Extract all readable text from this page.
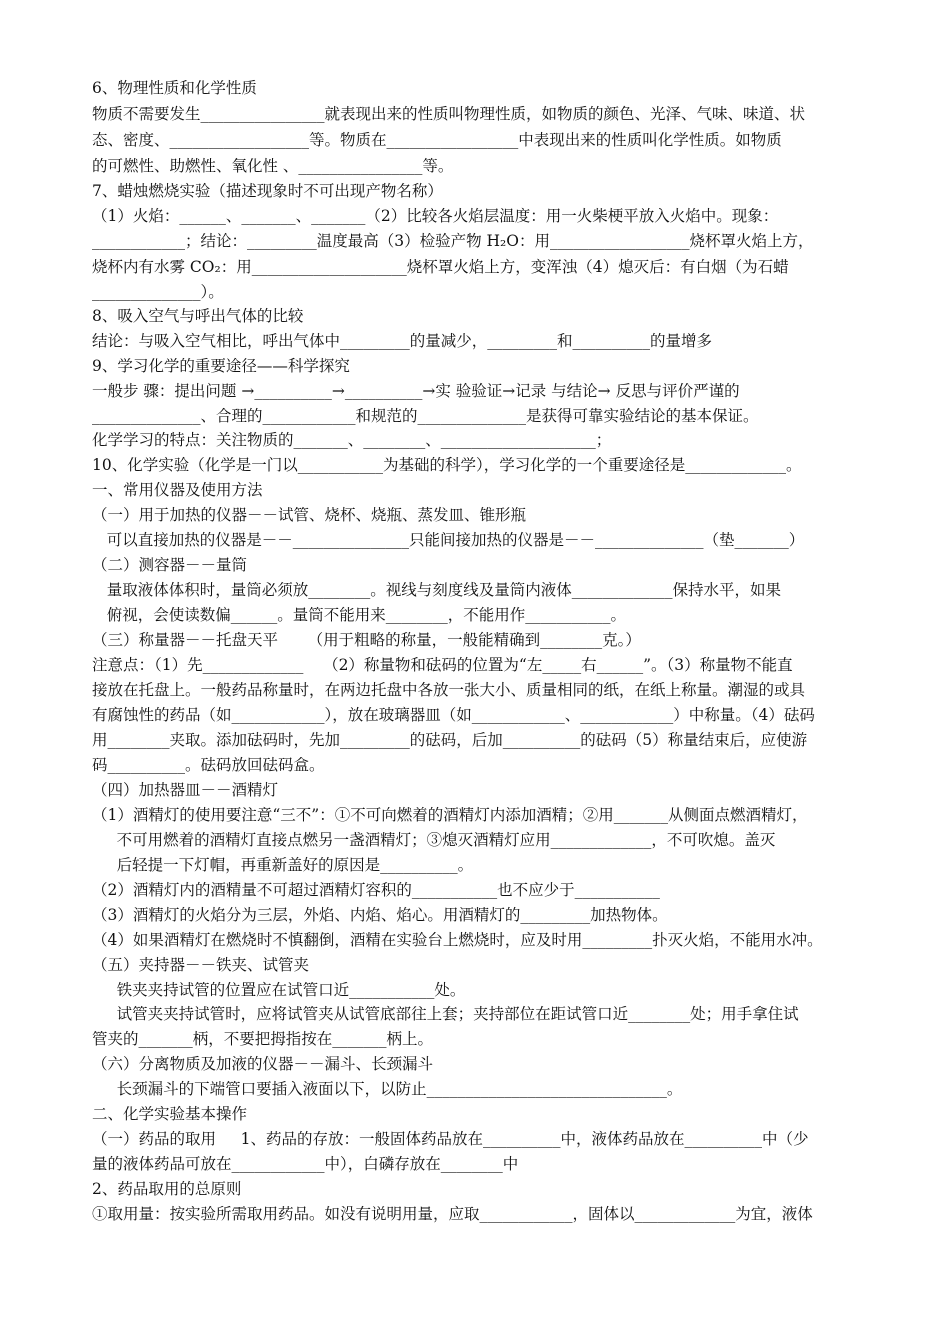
6、物理性质和化学性质
物质不需要发生________________就表现出来的性质叫物理性质，如物质的颜色、光泽、气味、味道、状
态、密度、__________________等。物质在_________________中表现出来的性质叫化学性质。如物质
的可燃性、助燃性、氧化性 、________________等。
7、蜡烛燃烧实验（描述现象时不可出现产物名称）
（1）火焰：______、_______、_______（2）比较各火焰层温度：用一火柴梗平放入火焰中。现象：
____________；结论：_________温度最高（3）检验产物 H₂O：用__________________烧杯罩火焰上方，
烧杯内有水雾 CO₂：用____________________烧杯罩火焰上方，变浑浊（4）熄灭后：有白烟（为石蜡
______________）。
8、吸入空气与呼出气体的比较
结论：与吸入空气相比，呼出气体中_________的量减少，_________和__________的量增多
9、学习化学的重要途径——科学探究
一般步 骤：提出问题 →__________→__________→实 验验证→记录 与结论→ 反思与评价严谨的
______________、合理的____________和规范的______________是获得可靠实验结论的基本保证。
化学学习的特点：关注物质的_______、________、____________________；
10、化学实验（化学是一门以___________为基础的科学），学习化学的一个重要途径是_____________。
一、常用仪器及使用方法
（一）用于加热的仪器－－试管、烧杯、烧瓶、蒸发皿、锥形瓶
可以直接加热的仪器是－－_______________只能间接加热的仪器是－－______________（垫_______）
（二）测容器－－量筒
量取液体体积时，量筒必须放________。视线与刻度线及量筒内液体_____________保持水平，如果
俯视，会使读数偏______。量筒不能用来________，不能用作___________。
（三）称量器－－托盘天平      （用于粗略的称量，一般能精确到________克。）
注意点：（1）先_____________    （2）称量物和砝码的位置为“左_____右______”。（3）称量物不能直
接放在托盘上。一般药品称量时，在两边托盘中各放一张大小、质量相同的纸，在纸上称量。潮湿的或具
有腐蚀性的药品（如____________），放在玻璃器皿（如____________、____________）中称量。（4）砝码
用________夹取。添加砝码时，先加_________的砝码，后加__________的砝码（5）称量结束后，应使游
码__________。砝码放回砝码盒。
（四）加热器皿－－酒精灯
（1）酒精灯的使用要注意“三不”：①不可向燃着的酒精灯内添加酒精；②用_______从侧面点燃酒精灯，
不可用燃着的酒精灯直接点燃另一盏酒精灯；③熄灭酒精灯应用_____________，不可吹熄。盖灭
后轻提一下灯帽，再重新盖好的原因是__________。
（2）酒精灯内的酒精量不可超过酒精灯容积的___________也不应少于___________
（3）酒精灯的火焰分为三层，外焰、内焰、焰心。用酒精灯的_________加热物体。
（4）如果酒精灯在燃烧时不慎翻倒，酒精在实验台上燃烧时，应及时用_________扑灭火焰，不能用水冲。
（五）夹持器－－铁夹、试管夹
铁夹夹持试管的位置应在试管口近___________处。
试管夹夹持试管时，应将试管夹从试管底部往上套；夹持部位在距试管口近________处；用手拿住试
管夹的_______柄，不要把拇指按在_______柄上。
（六）分离物质及加液的仪器－－漏斗、长颈漏斗
长颈漏斗的下端管口要插入液面以下，以防止_______________________________。
二、化学实验基本操作
（一）药品的取用     1、药品的存放：一般固体药品放在__________中，液体药品放在__________中（少
量的液体药品可放在____________中），白磷存放在________中
2、药品取用的总原则
①取用量：按实验所需取用药品。如没有说明用量，应取____________，固体以_____________为宜，液体
